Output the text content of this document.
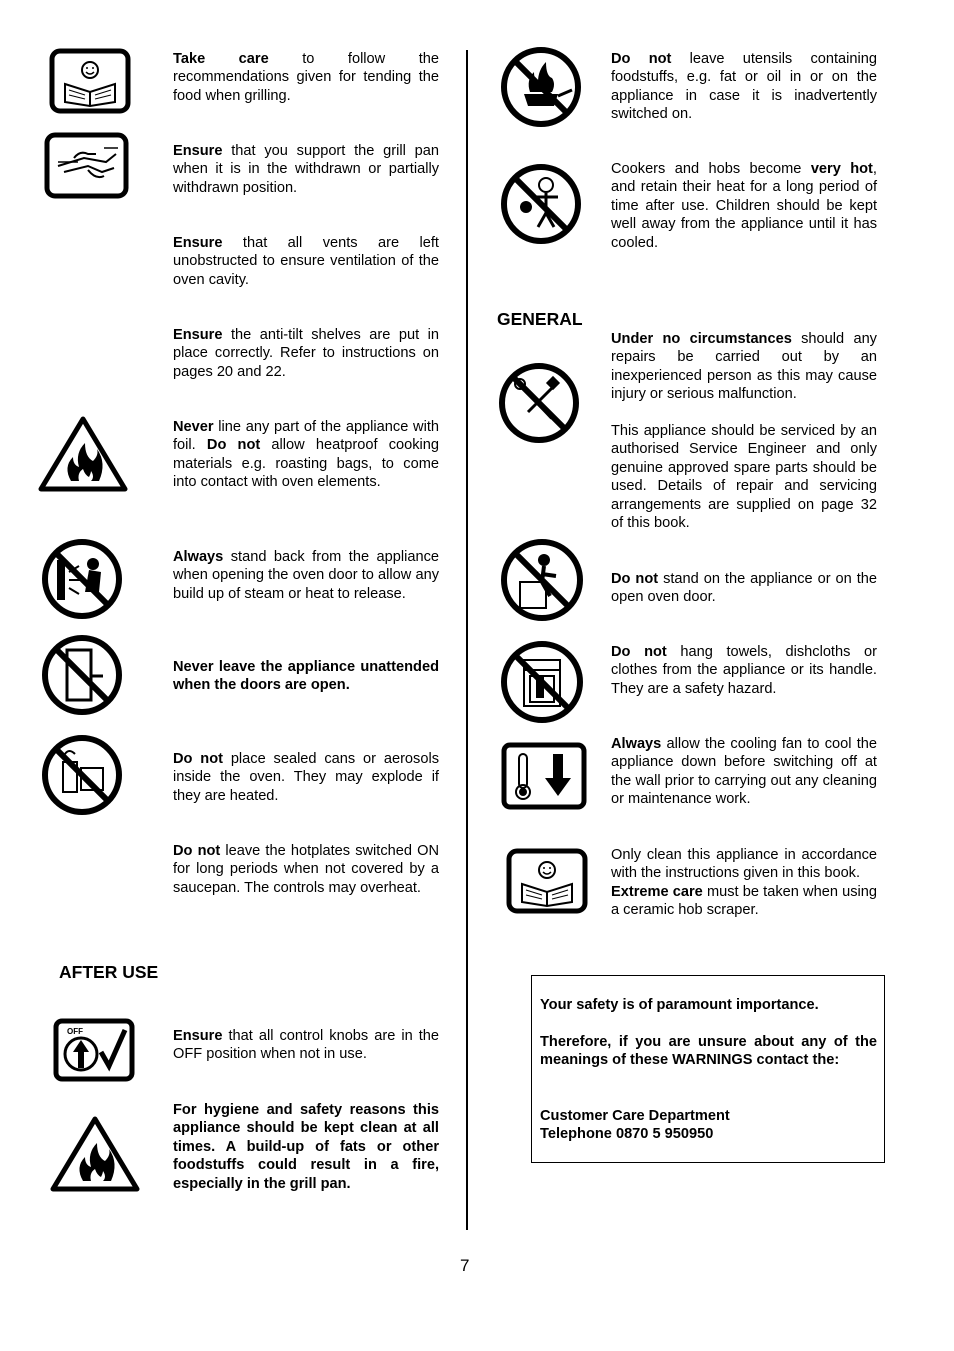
OFF

Take care to follow the recommendations given for tending the food when grilling.

Ensure that you support the grill pan when it is in the withdrawn or partially withdrawn position.

Ensure that all vents are left unobstructed to ensure ventilation of the oven cavity.

Ensure the anti-tilt shelves are put in place correctly. Refer to instructions on pages 20 and 22.

Never line any part of the appliance with foil. Do not allow heatproof cooking materials e.g. roasting bags, to come into contact with oven elements.

Always stand back from the appliance when opening the oven door to allow any build up of steam or heat to release.

Never leave the appliance unattended when the doors are open.

Do not place sealed cans or aerosols inside the oven. They may explode if they are heated.

Do not leave the hotplates switched ON for long periods when not covered by a saucepan. The controls may overheat.

AFTER USE

Ensure that all control knobs are in the OFF position when not in use.

For hygiene and safety reasons this appliance should be kept clean at all times. A build-up of fats or other foodstuffs could result in a fire, especially in the grill pan.

Do not leave utensils containing foodstuffs, e.g. fat or oil in or on the appliance in case it is inadvertently switched on.

Cookers and hobs become very hot, and retain their heat for a long period of time after use. Children should be kept well away from the appliance until it has cooled.

GENERAL

Under no circumstances should any repairs be carried out by an inexperienced person as this may cause injury or serious malfunction.

This appliance should be serviced by an authorised Service Engineer and only genuine approved spare parts should be used. Details of repair and servicing arrangements are supplied on page 32 of this book.

Do not stand on the appliance or on the open oven door.

Do not hang towels, dishcloths or clothes from the appliance or its handle. They are a safety hazard.

Always allow the cooling fan to cool the appliance down before switching off at the wall prior to carrying out any cleaning or maintenance work.

Only clean this appliance in accordance with the instructions given in this book.
Extreme care must be taken when using a ceramic hob scraper.

Your safety is of paramount importance.

Therefore, if you are unsure about any of the meanings of these WARNINGS contact the:

Customer Care Department

Telephone 0870 5 950950

7
